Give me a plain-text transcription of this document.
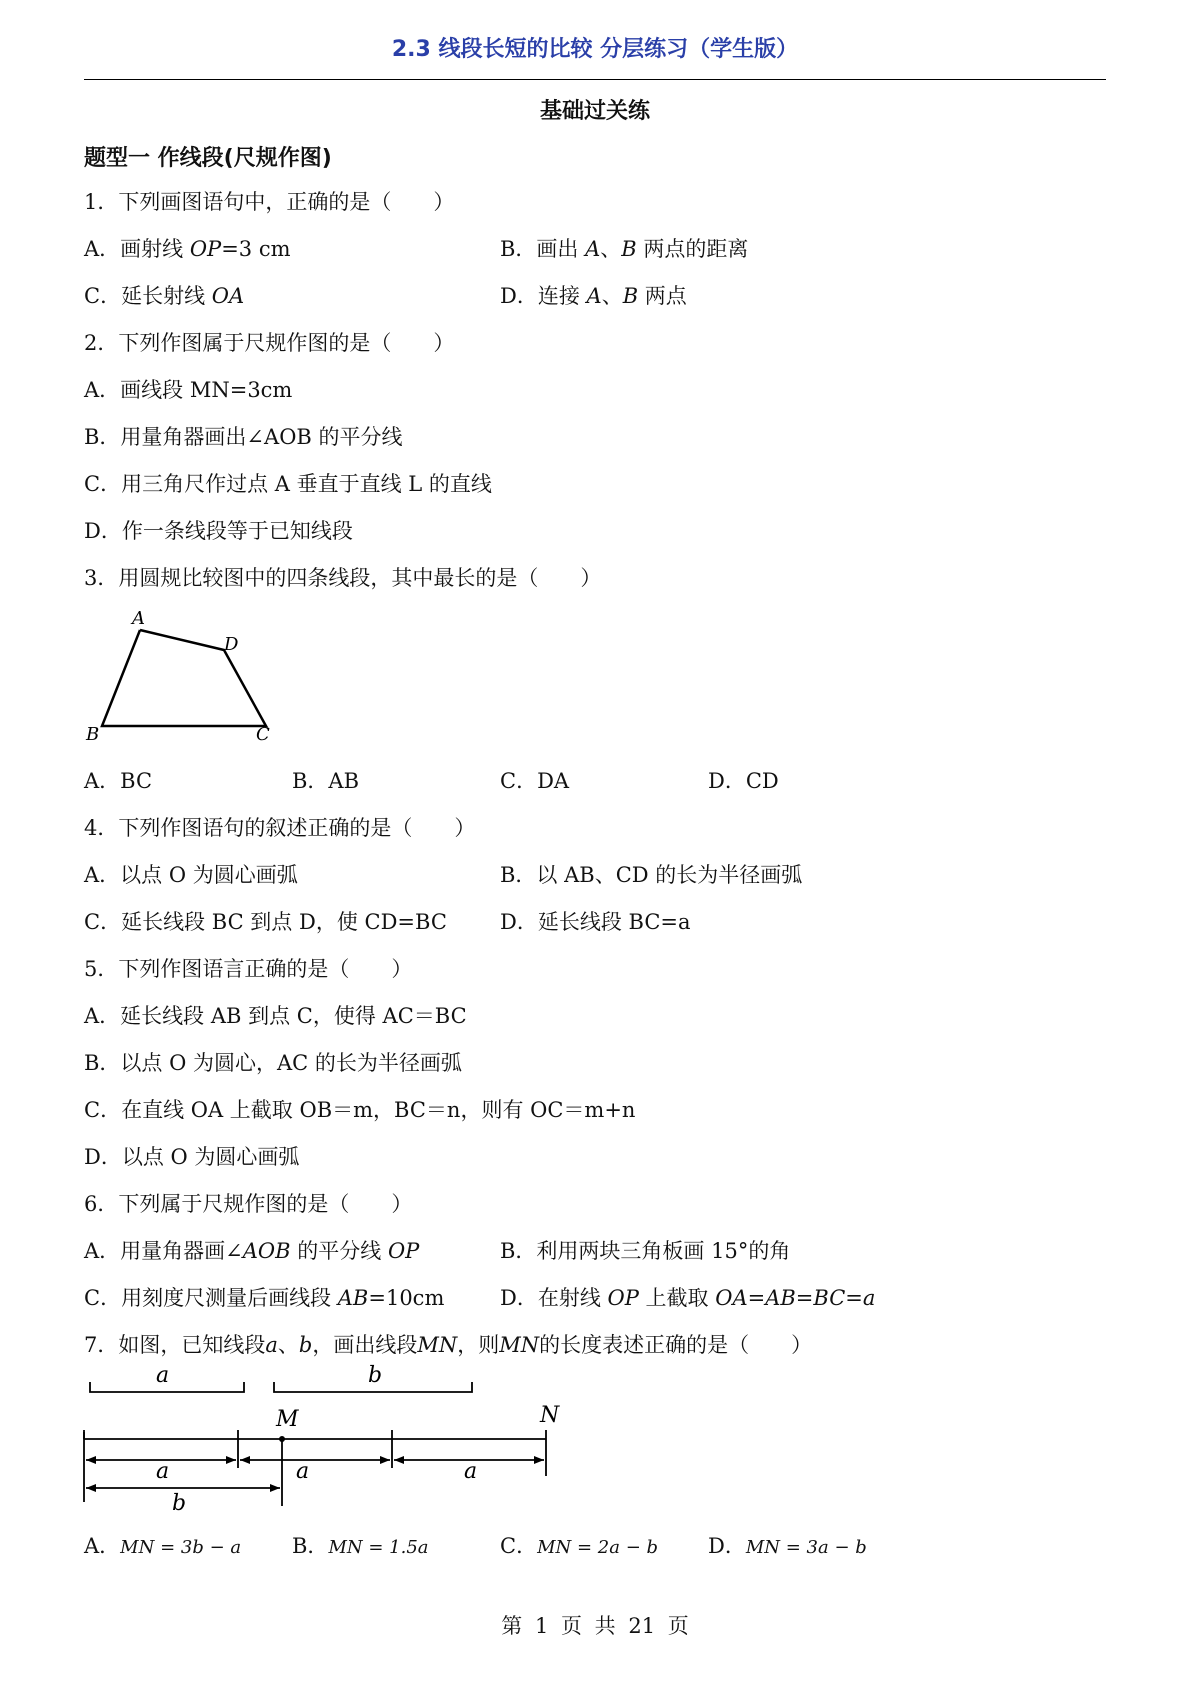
2.3 线段长短的比较 分层练习（学生版）
基础过关练
题型一 作线段(尺规作图)
1．下列画图语句中，正确的是（　　）
A．画射线 OP=3 cm	B．画出 A、B 两点的距离
C．延长射线 OA	D．连接 A、B 两点
2．下列作图属于尺规作图的是（　　）
A．画线段 MN=3cm
B．用量角器画出∠AOB 的平分线
C．用三角尺作过点 A 垂直于直线 L 的直线
D．作一条线段等于已知线段
3．用圆规比较图中的四条线段，其中最长的是（　　）
A
D
B	C
A．BC	B．AB	C．DA	D．CD
4．下列作图语句的叙述正确的是（　　）
A．以点 O 为圆心画弧	B．以 AB、CD 的长为半径画弧
C．延长线段 BC 到点 D，使 CD=BC	D．延长线段 BC=a
5．下列作图语言正确的是（　　）
A．延长线段 AB 到点 C，使得 AC＝BC
B．以点 O 为圆心，AC 的长为半径画弧
C．在直线 OA 上截取 OB＝m，BC＝n，则有 OC＝m+n
D．以点 O 为圆心画弧
6．下列属于尺规作图的是（　　）
A．用量角器画∠AOB 的平分线 OP	B．利用两块三角板画 15°的角
C．用刻度尺测量后画线段 AB=10cm	D．在射线 OP 上截取 OA=AB=BC=a
7．如图，已知线段a、b，画出线段MN，则MN的长度表述正确的是（　　）
a	b
M	N
a	a	a
b
A．MN = 3b − a B．MN = 1.5a	C．MN = 2a − b D．MN = 3a − b
第 1 页 共 21 页
